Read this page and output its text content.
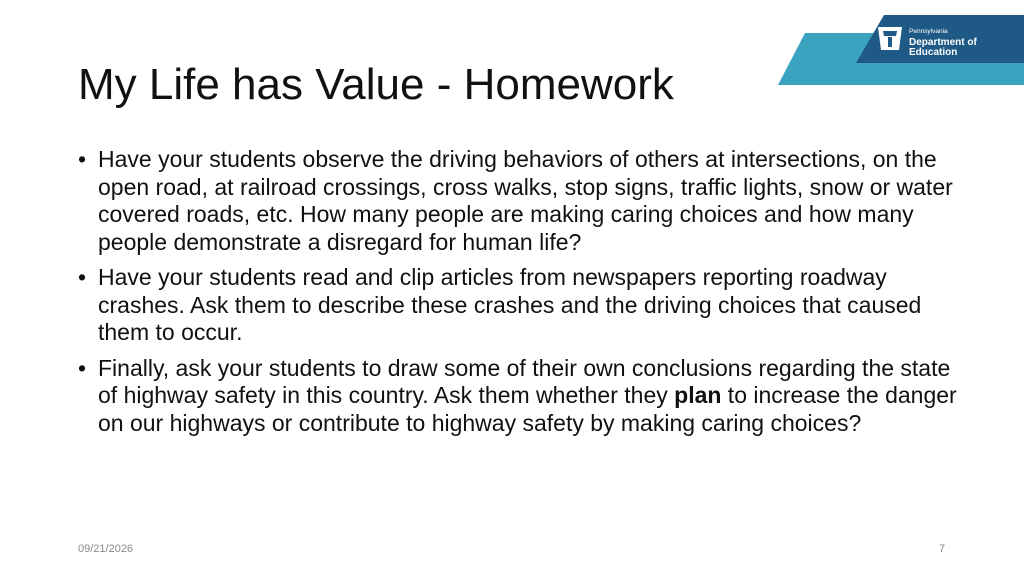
Pennsylvania
Department of Education
My Life has Value - Homework
• Have your students observe the driving behaviors of others at intersections, on the open road, at railroad crossings, cross walks, stop signs, traffic lights, snow or water covered roads, etc. How many people are making caring choices and how many people demonstrate a disregard for human life?
• Have your students read and clip articles from newspapers reporting roadway crashes. Ask them to describe these crashes and the driving choices that caused them to occur.
• Finally, ask your students to draw some of their own conclusions regarding the state of highway safety in this country. Ask them whether they plan to increase the danger on our highways or contribute to highway safety by making caring choices?
09/21/2026	7
